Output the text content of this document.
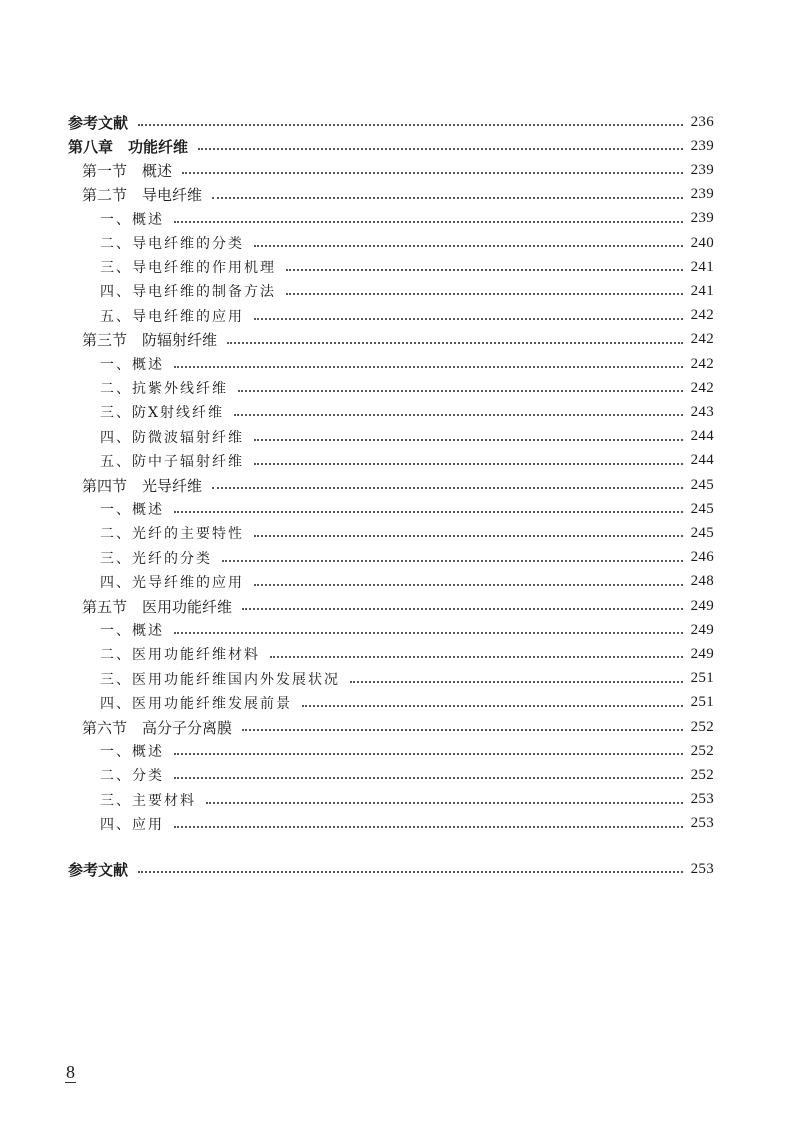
参考文献	236
第八章　功能纤维	239
第一节　概述	239
第二节　导电纤维	239
一、概述	239
二、导电纤维的分类	240
三、导电纤维的作用机理	241
四、导电纤维的制备方法	241
五、导电纤维的应用	242
第三节　防辐射纤维	242
一、概述	242
二、抗紫外线纤维	242
三、防X射线纤维	243
四、防微波辐射纤维	244
五、防中子辐射纤维	244
第四节　光导纤维	245
一、概述	245
二、光纤的主要特性	245
三、光纤的分类	246
四、光导纤维的应用	248
第五节　医用功能纤维	249
一、概述	249
二、医用功能纤维材料	249
三、医用功能纤维国内外发展状况	251
四、医用功能纤维发展前景	251
第六节　高分子分离膜	252
一、概述	252
二、分类	252
三、主要材料	253
四、应用	253
参考文献	253
8
